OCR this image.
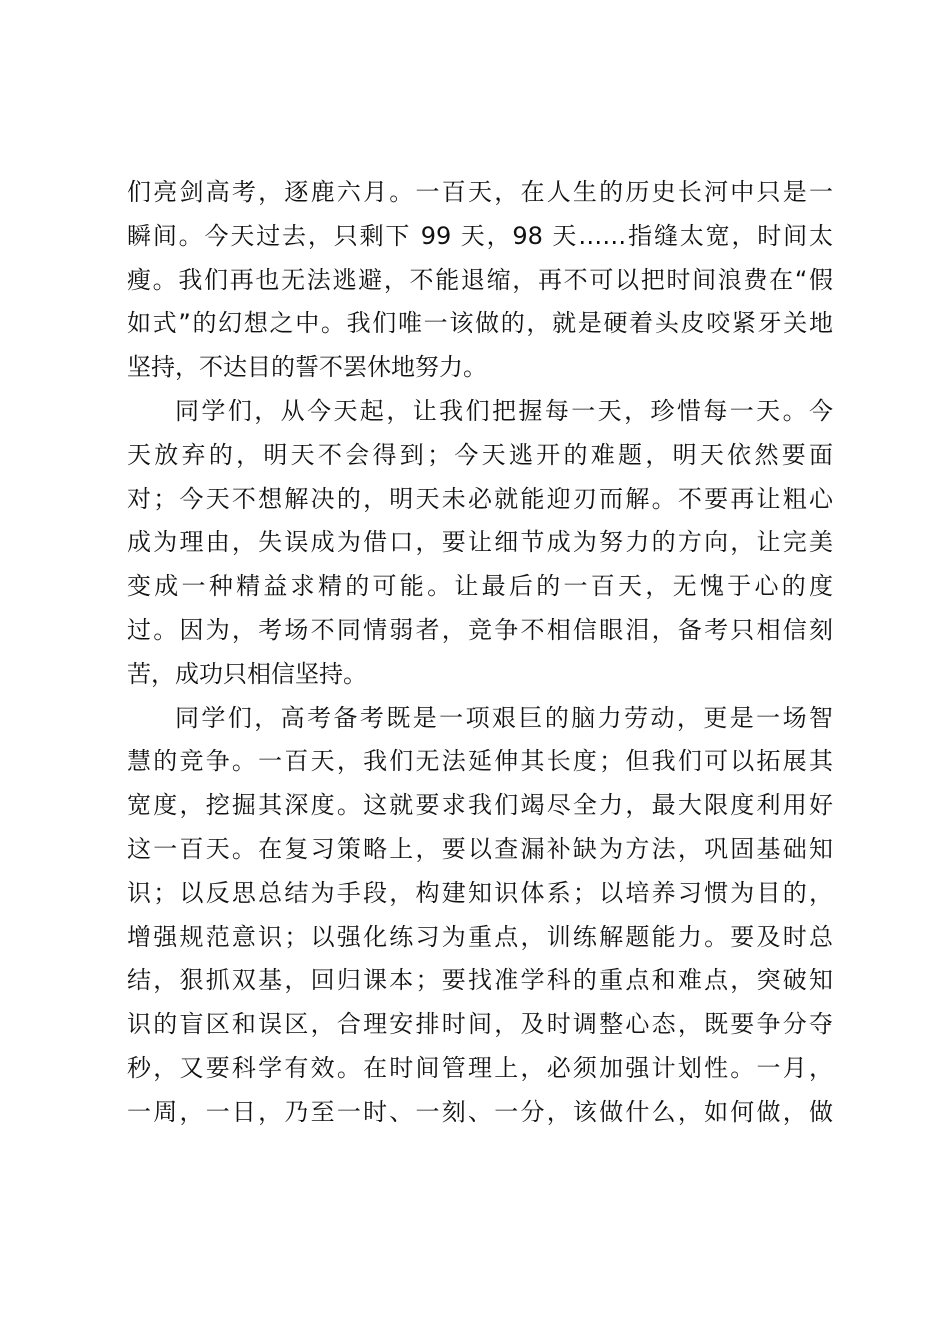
们亮剑高考，逐鹿六月。一百天，在人生的历史长河中只是一
瞬间。今天过去，只剩下 99 天，98 天……指缝太宽，时间太
瘦。我们再也无法逃避，不能退缩，再不可以把时间浪费在“假
如式”的幻想之中。我们唯一该做的，就是硬着头皮咬紧牙关地
坚持，不达目的誓不罢休地努力。
同学们，从今天起，让我们把握每一天，珍惜每一天。今
天放弃的，明天不会得到；今天逃开的难题，明天依然要面
对；今天不想解决的，明天未必就能迎刃而解。不要再让粗心
成为理由，失误成为借口，要让细节成为努力的方向，让完美
变成一种精益求精的可能。让最后的一百天，无愧于心的度
过。因为，考场不同情弱者，竞争不相信眼泪，备考只相信刻
苦，成功只相信坚持。
同学们，高考备考既是一项艰巨的脑力劳动，更是一场智
慧的竞争。一百天，我们无法延伸其长度；但我们可以拓展其
宽度，挖掘其深度。这就要求我们竭尽全力，最大限度利用好
这一百天。在复习策略上，要以查漏补缺为方法，巩固基础知
识；以反思总结为手段，构建知识体系；以培养习惯为目的，
增强规范意识；以强化练习为重点，训练解题能力。要及时总
结，狠抓双基，回归课本；要找准学科的重点和难点，突破知
识的盲区和误区，合理安排时间，及时调整心态，既要争分夺
秒，又要科学有效。在时间管理上，必须加强计划性。一月，
一周，一日，乃至一时、一刻、一分，该做什么，如何做，做
